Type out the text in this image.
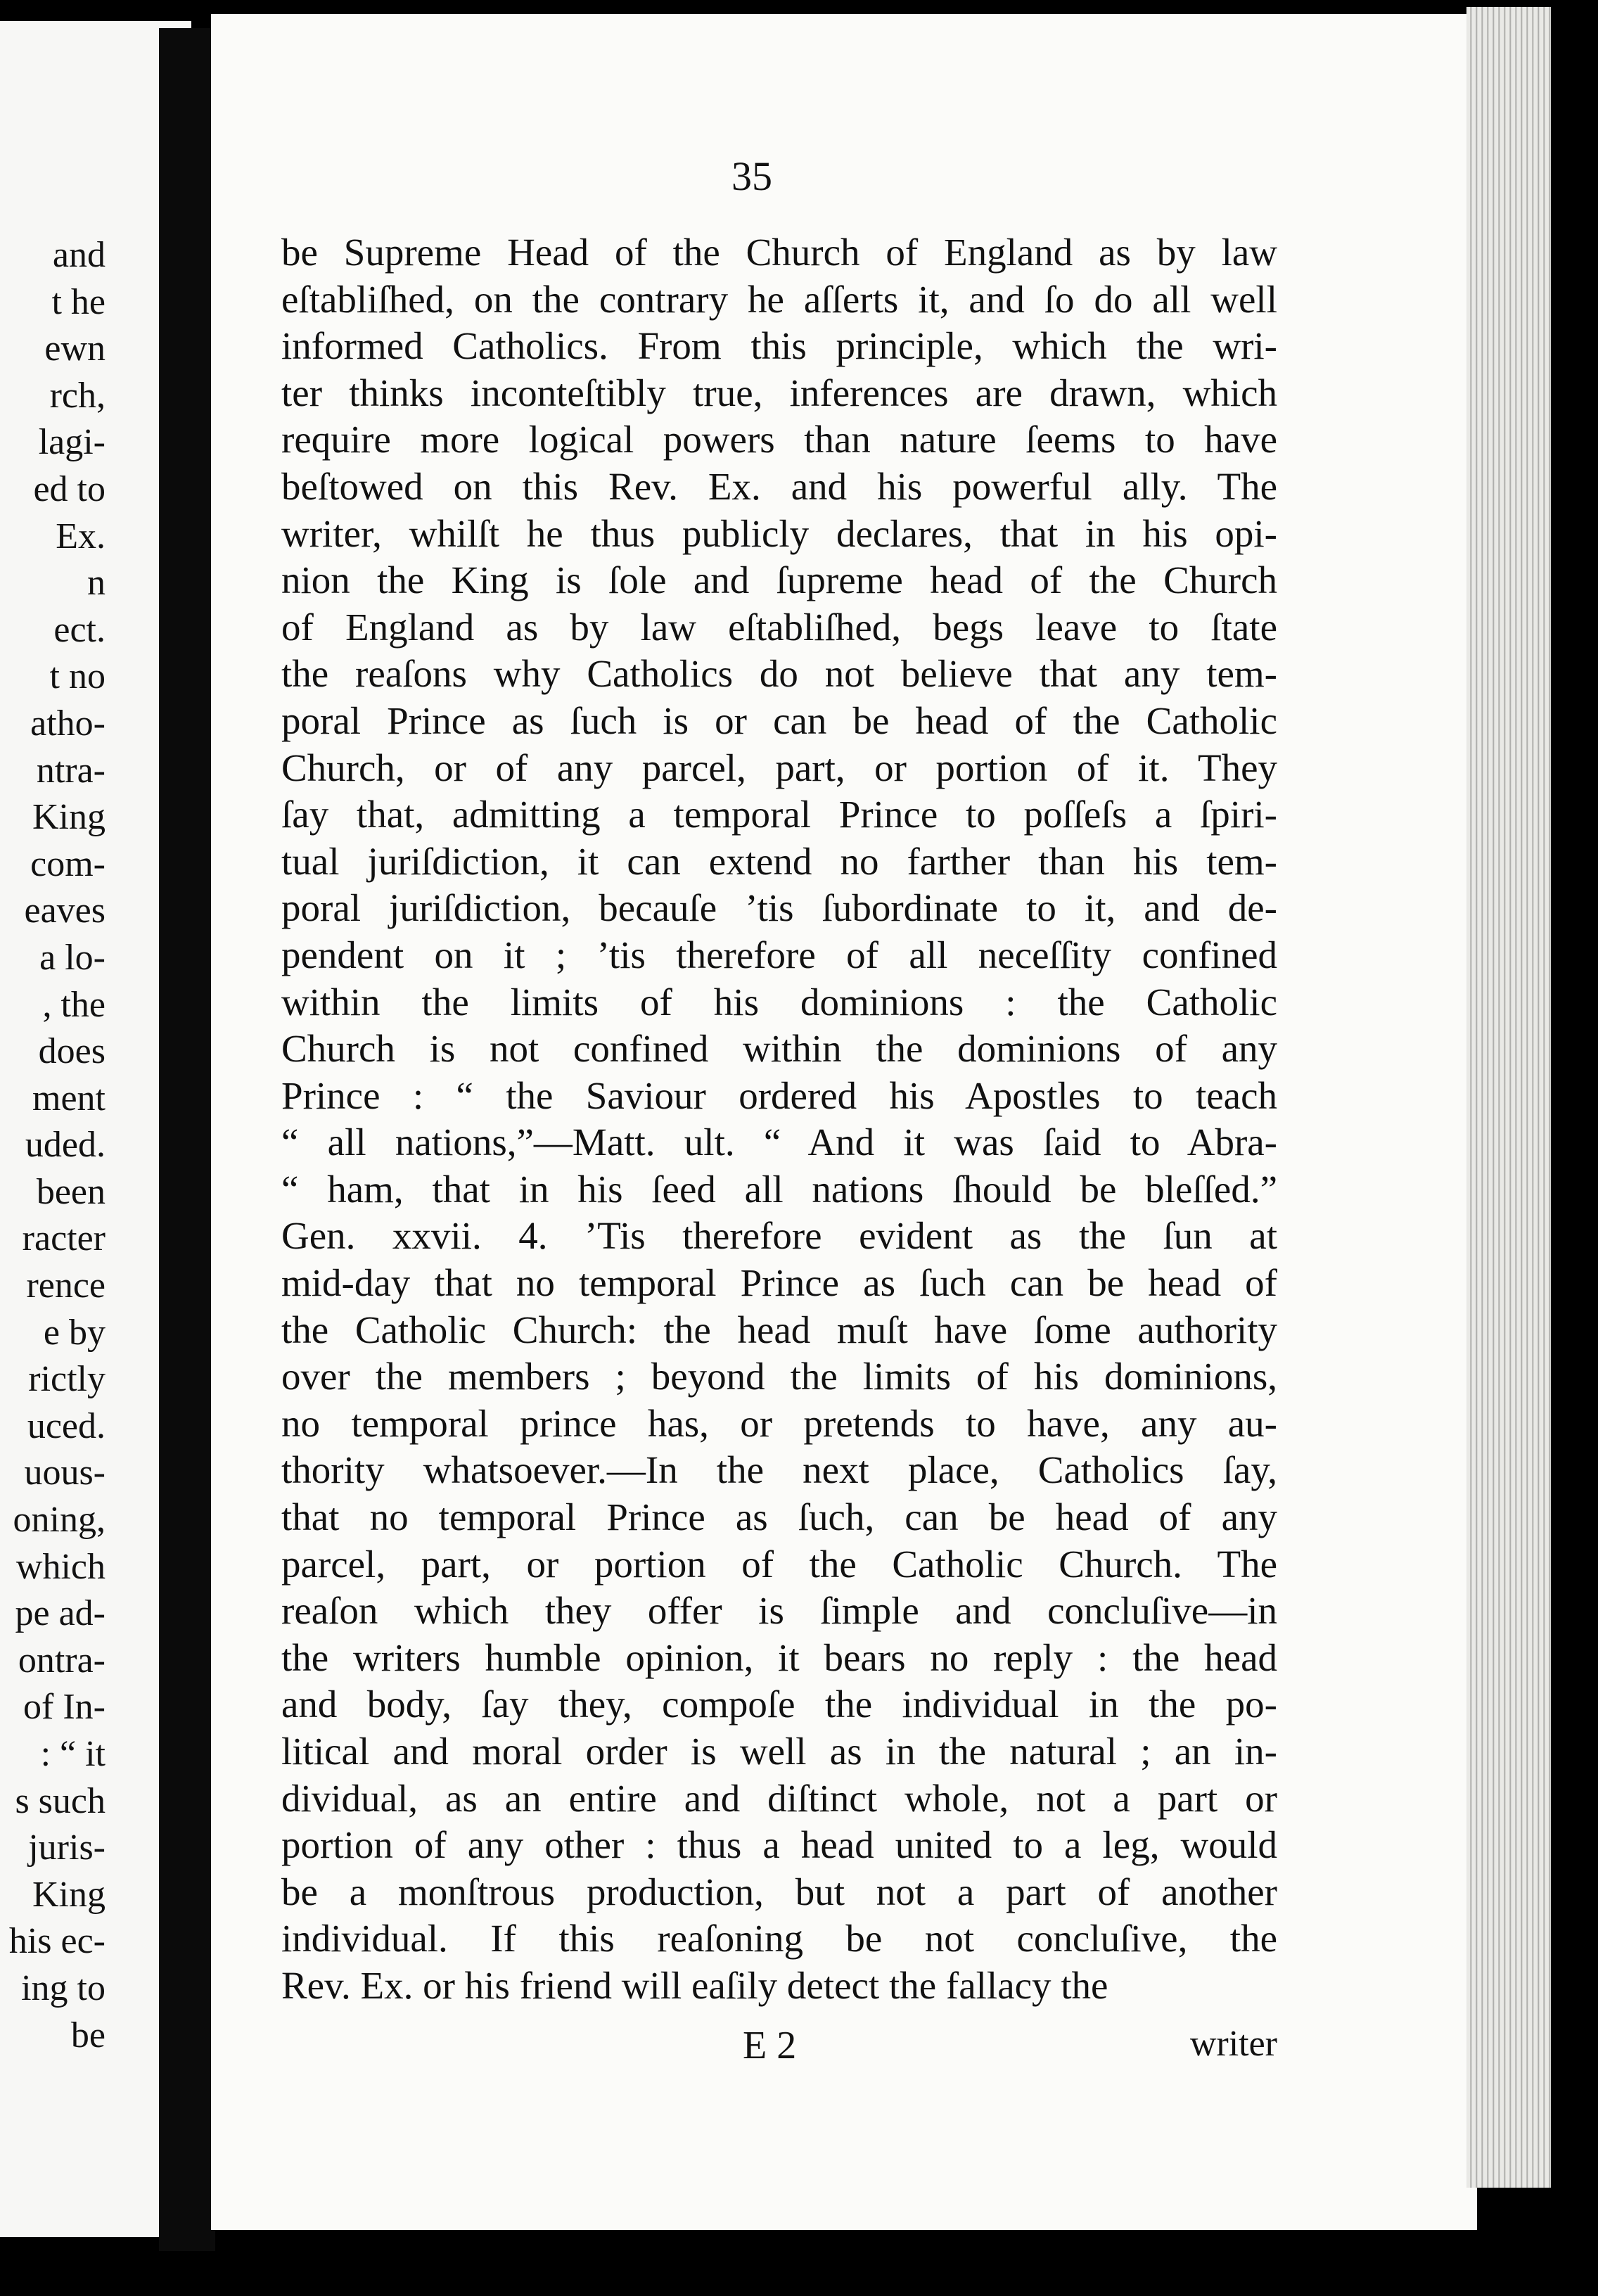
and
t he
ewn
rch,
lagi-
ed to
Ex.
n
ect.
t no
atho-
ntra-
King
com-
eaves
a lo-
, the
does
ment
uded.
been
racter
rence
e by
rictly
uced.
uous-
oning,
which
pe ad-
ontra-
of In-
: “ it
s such
juris-
King
his ec-
ing to
be
35
be Supreme Head of the Church of England as by law
eſtabliſhed, on the contrary he aſſerts it, and ſo do all well
informed Catholics. From this principle, which the wri-
ter thinks inconteſtibly true, inferences are drawn, which
require more logical powers than nature ſeems to have
beſtowed on this Rev. Ex. and his powerful ally. The
writer, whilſt he thus publicly declares, that in his opi-
nion the King is ſole and ſupreme head of the Church
of England as by law eſtabliſhed, begs leave to ſtate
the reaſons why Catholics do not believe that any tem-
poral Prince as ſuch is or can be head of the Catholic
Church, or of any parcel, part, or portion of it. They
ſay that, admitting a temporal Prince to poſſeſs a ſpiri-
tual juriſdiction, it can extend no farther than his tem-
poral juriſdiction, becauſe ’tis ſubordinate to it, and de-
pendent on it ; ’tis therefore of all neceſſity confined
within the limits of his dominions : the Catholic
Church is not confined within the dominions of any
Prince : “ the Saviour ordered his Apostles to teach
“ all nations,”—Matt. ult. “ And it was ſaid to Abra-
“ ham, that in his ſeed all nations ſhould be bleſſed.”
Gen. xxvii. 4. ’Tis therefore evident as the ſun at
mid-day that no temporal Prince as ſuch can be head of
the Catholic Church: the head muſt have ſome authority
over the members ; beyond the limits of his dominions,
no temporal prince has, or pretends to have, any au-
thority whatsoever.—In the next place, Catholics ſay,
that no temporal Prince as ſuch, can be head of any
parcel, part, or portion of the Catholic Church. The
reaſon which they offer is ſimple and concluſive—in
the writers humble opinion, it bears no reply : the head
and body, ſay they, compoſe the individual in the po-
litical and moral order is well as in the natural ; an in-
dividual, as an entire and diſtinct whole, not a part or
portion of any other : thus a head united to a leg, would
be a monſtrous production, but not a part of another
individual. If this reaſoning be not concluſive, the
Rev. Ex. or his friend will eaſily detect the fallacy the
E 2	writer
